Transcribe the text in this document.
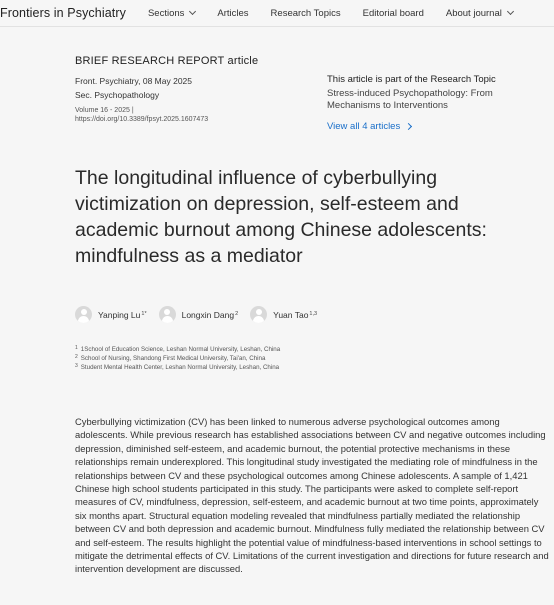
Frontiers in Psychiatry Sections	Articles Research Topics Editorial board About journal
BRIEF RESEARCH REPORT article
Front. Psychiatry, 08 May 2025
Sec. Psychopathology
Volume 16 - 2025 |
https://doi.org/10.3389/fpsyt.2025.1607473
This article is part of the Research Topic
Stress-induced Psychopathology: From Mechanisms to Interventions
View all 4 articles
The longitudinal influence of cyberbullying victimization on depression, self-esteem and academic burnout among Chinese adolescents: mindfulness as a mediator
Yanping $Lu^{1*}$	Longxin Dang$^2$	Yuan Tao$^{1,3}$
1 1School of Education Science, Leshan Normal University, Leshan, China
2 School of Nursing, Shandong First Medical University, Tai'an, China
3 Student Mental Health Center, Leshan Normal University, Leshan, China

Cyberbullying victimization (CV) has been linked to numerous adverse psychological outcomes among adolescents. While previous research has established associations between CV and negative outcomes including depression, diminished self-esteem, and academic burnout, the potential protective mechanisms in these relationships remain underexplored. This longitudinal study investigated the mediating role of mindfulness in the relationships between CV and these psychological outcomes among Chinese adolescents. A sample of 1,421 Chinese high school students participated in this study. The participants were asked to complete self-report measures of CV, mindfulness, depression, self-esteem, and academic burnout at two time points, approximately six months apart. Structural equation modeling revealed that mindfulness partially mediated the relationship between CV and both depression and academic burnout. Mindfulness fully mediated the relationship between CV and self-esteem. The results highlight the potential value of mindfulness-based interventions in school settings to mitigate the detrimental effects of CV. Limitations of the current investigation and directions for future research and intervention development are discussed.
